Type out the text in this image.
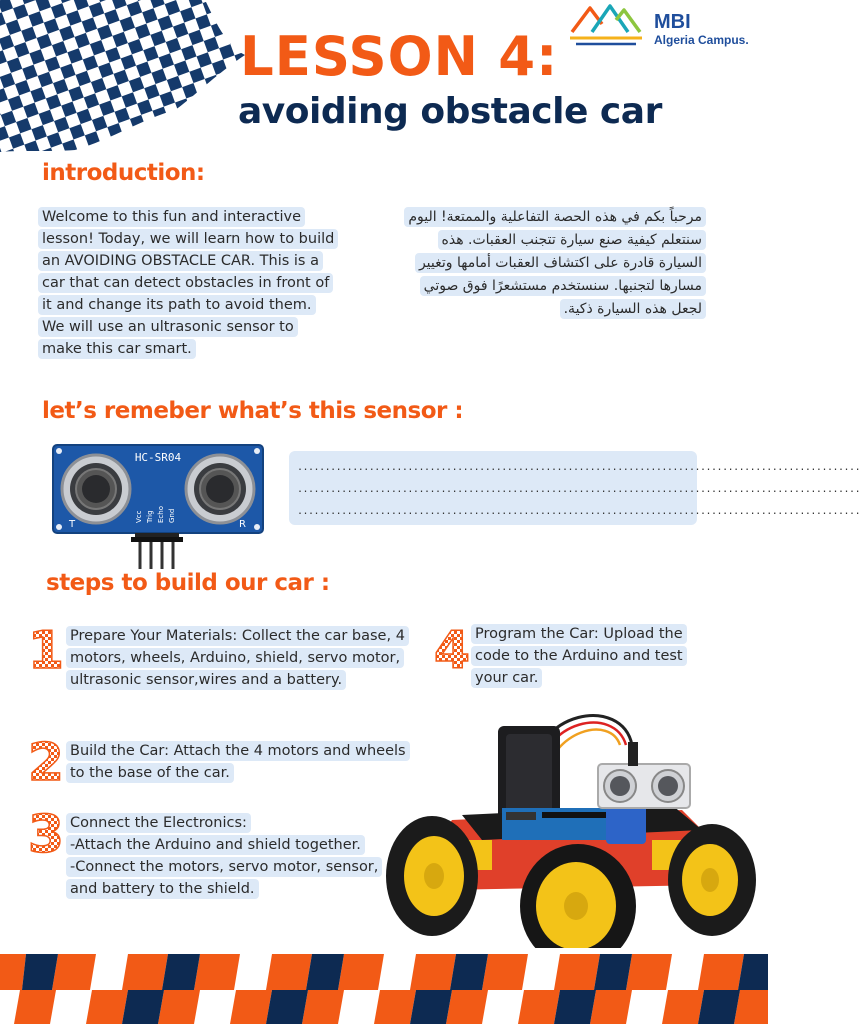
MBI
Algeria Campus.
LESSON 4:
avoiding obstacle car
introduction:
Welcome to this fun and interactive lesson! Today, we will learn how to build an AVOIDING OBSTACLE CAR. This is a car that can detect obstacles in front of it and change its path to avoid them. We will use an ultrasonic sensor to make this car smart.
مرحباً بكم في هذه الحصة التفاعلية والممتعة! اليوم سنتعلم كيفية صنع سيارة تتجنب العقبات. هذه السيارة قادرة على اكتشاف العقبات أمامها وتغيير مسارها لتجنبها. سنستخدم مستشعرًا فوق صوتي لجعل هذه السيارة ذكية.
let’s remeber what’s this sensor :
HC-SR04
T	R
Vcc Trig Echo Gnd
......................................................................................................
......................................................................................................
......................................................................................................
steps to build our car :
1
2
3
4
Prepare Your Materials: Collect the car base, 4 motors, wheels, Arduino, shield, servo motor, ultrasonic sensor,wires and a battery.
Build the Car: Attach the 4 motors and wheels to the base of the car.
Connect the Electronics:
-Attach the Arduino and shield together.
-Connect the motors, servo motor, sensor, and battery to the shield.
Program the Car: Upload the code to the Arduino and test your car.
